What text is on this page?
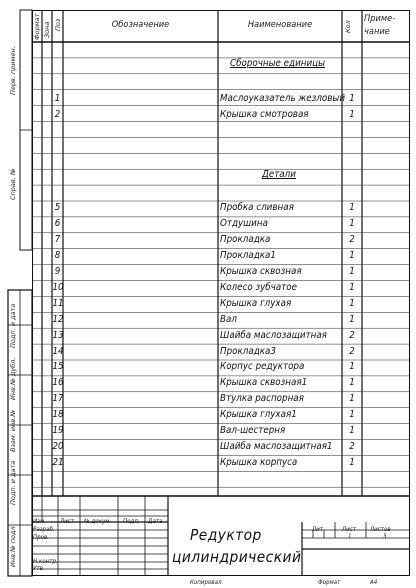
Формат Зона Поз	Кол
Обозначение	Наименование
Приме-
чание
Сборочные единицы
Детали
1	Маслоуказатель жезловый 1
2	Крышка смотровая	1
5	Пробка сливная	1
6	Отдушина	1
7	Прокладка	2
8	Прокладка1	1
9	Крышка сквозная	1
10	Колесо зубчатое	1
11	Крышка глухая	1
12	Вал	1
13	Шайба маслозащитная	2
14	Прокладка3	2
15	Корпус редуктора	1
16	Крышка сквозная1	1
17	Втулка распорная	1
18	Крышка глухая1	1
19	Вал-шестерня	1
20	Шайба маслозащитная1	2
21	Крышка корпуса	1
Перв. примен.
Справ. №
Подп. и дата
Инв.№ дубл.
Взам. инв.№
Подп. и дата
Инв.№ подл.
Изм	Лист № докум. Подп. Дата
Разраб.
Пров.
Н.контр.
Утв.
Редуктор
цилиндрический
Лит	Лист Листов
1	3
Копировал	Формат	А4
